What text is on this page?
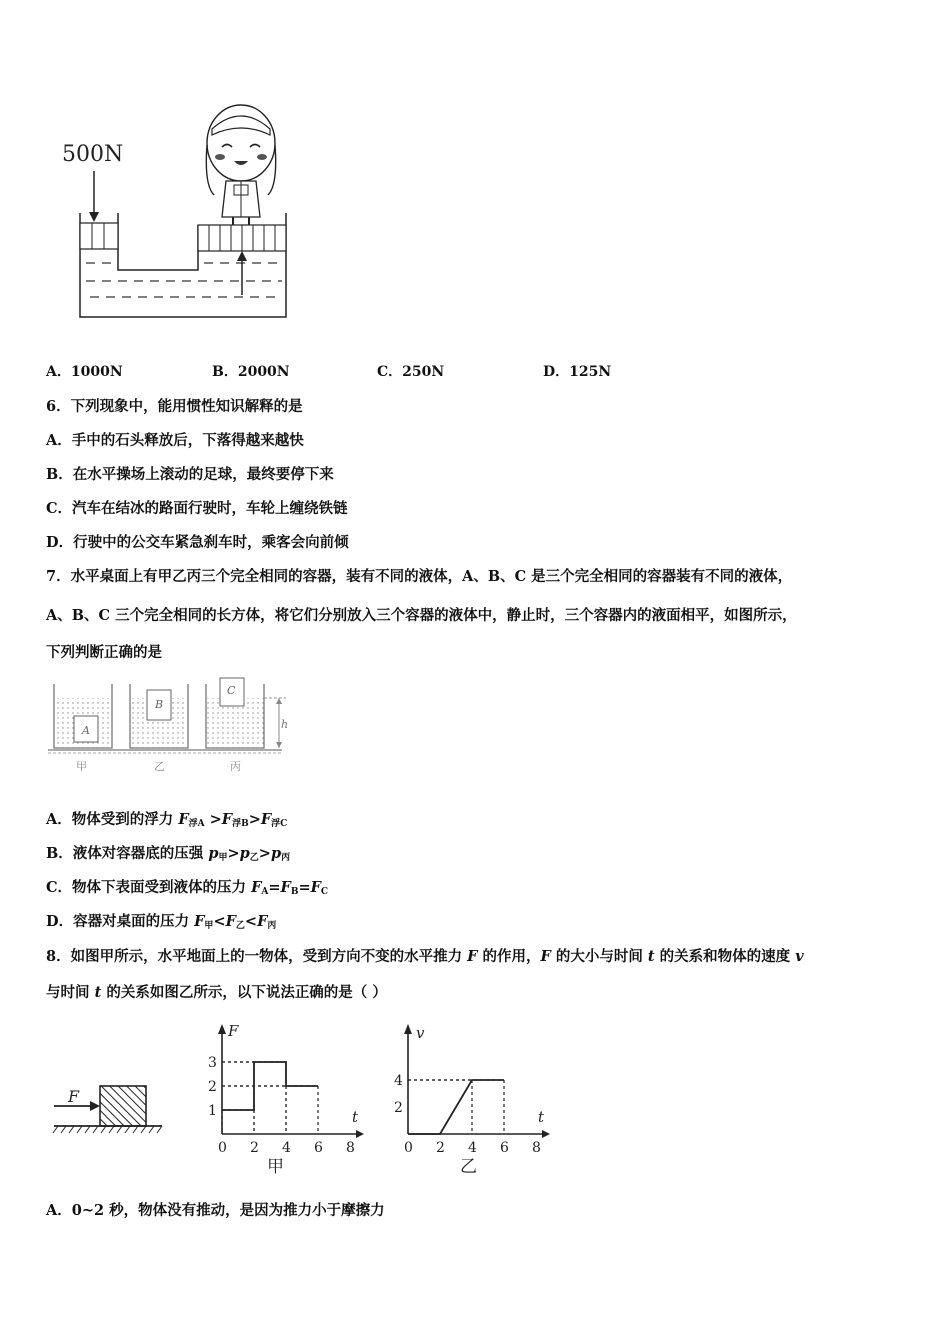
500N
A．1000N	B．2000N	C．250N	D．125N
6．下列现象中，能用惯性知识解释的是
A．手中的石头释放后，下落得越来越快
B．在水平操场上滚动的足球，最终要停下来
C．汽车在结冰的路面行驶时，车轮上缠绕铁链
D．行驶中的公交车紧急刹车时，乘客会向前倾
7．水平桌面上有甲乙丙三个完全相同的容器，装有不同的液体，A、B、C 是三个完全相同的容器装有不同的液体，
A、B、C 三个完全相同的长方体，将它们分别放入三个容器的液体中，静止时，三个容器内的液面相平，如图所示，
下列判断正确的是
A
甲
B
乙
C
丙
h
A．物体受到的浮力 $F_{浮A} >F_{浮B}>F_{浮C}$
B．液体对容器底的压强 $p_甲>p_乙>p_丙$
C．物体下表面受到液体的压力 $F_A=F_B=F_C$
D．容器对桌面的压力 $F_甲<F_乙<F_丙$
8．如图甲所示，水平地面上的一物体，受到方向不变的水平推力 F 的作用，F 的大小与时间 t 的关系和物体的速度 v
与时间 t 的关系如图乙所示，以下说法正确的是（ ）
F
F
t
0 2 4 6 8
1
2
3
甲
v
t
0 2 4 6 8
2
4
乙
A．0~2 秒，物体没有推动，是因为推力小于摩擦力
